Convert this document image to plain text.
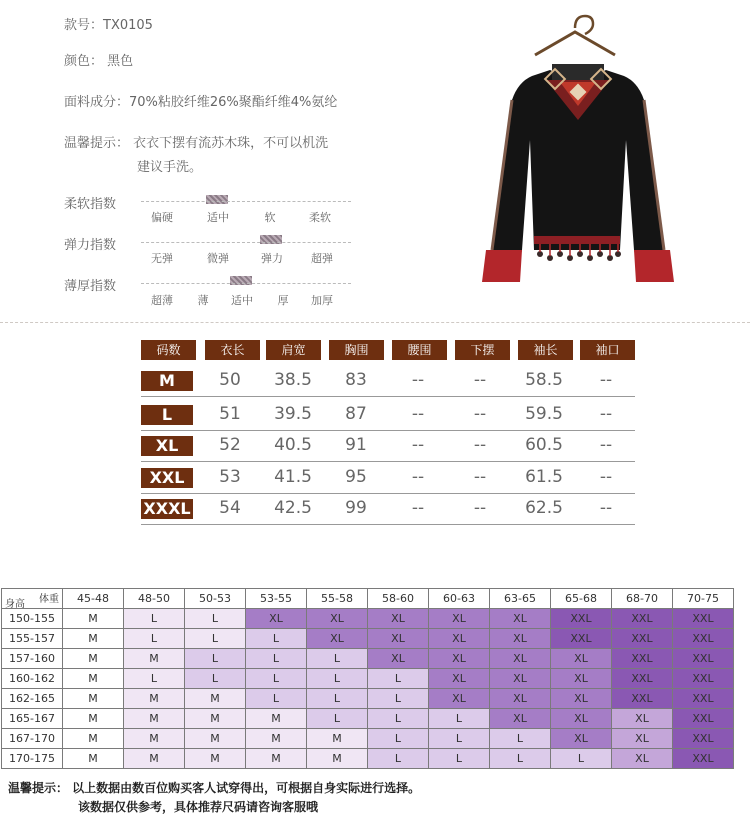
款号：TX0105
颜色： 黑色
面料成分：70%粘胶纤维26%聚酯纤维4%氨纶
温馨提示： 衣衣下摆有流苏木珠，不可以机洗
建议手洗。
柔软指数
偏硬	适中	软	柔软
弹力指数
无弹	微弹	弹力	超弹
薄厚指数
超薄	薄	适中	厚	加厚
码数	衣长	肩宽	胸围	腰围	下摆	袖长	袖口
M	50	38.5	83	--	--	58.5	--
L	51	39.5	87	--	--	59.5	--
XL	52	40.5	91	--	--	60.5	--
XXL	53	41.5	95	--	--	61.5	--
XXXL	54	42.5	99	--	--	62.5	--
体重
身高	45-48	48-50	50-53	53-55	55-58	58-60	60-63	63-65	65-68	68-70	70-75
150-155	M	L	L	XL	XL	XL	XL	XL	XXL	XXL	XXL
155-157	M	L	L	L	XL	XL	XL	XL	XXL	XXL	XXL
157-160	M	M	L	L	L	XL	XL	XL	XL	XXL	XXL
160-162	M	L	L	L	L	L	XL	XL	XL	XXL	XXL
162-165	M	M	M	L	L	L	XL	XL	XL	XXL	XXL
165-167	M	M	M	M	L	L	L	XL	XL	XL	XXL
167-170	M	M	M	M	M	L	L	L	XL	XL	XXL
170-175	M	M	M	M	M	L	L	L	L	XL	XXL
温馨提示： 以上数据由数百位购买客人试穿得出，可根据自身实际进行选择。
该数据仅供参考，具体推荐尺码请咨询客服哦
